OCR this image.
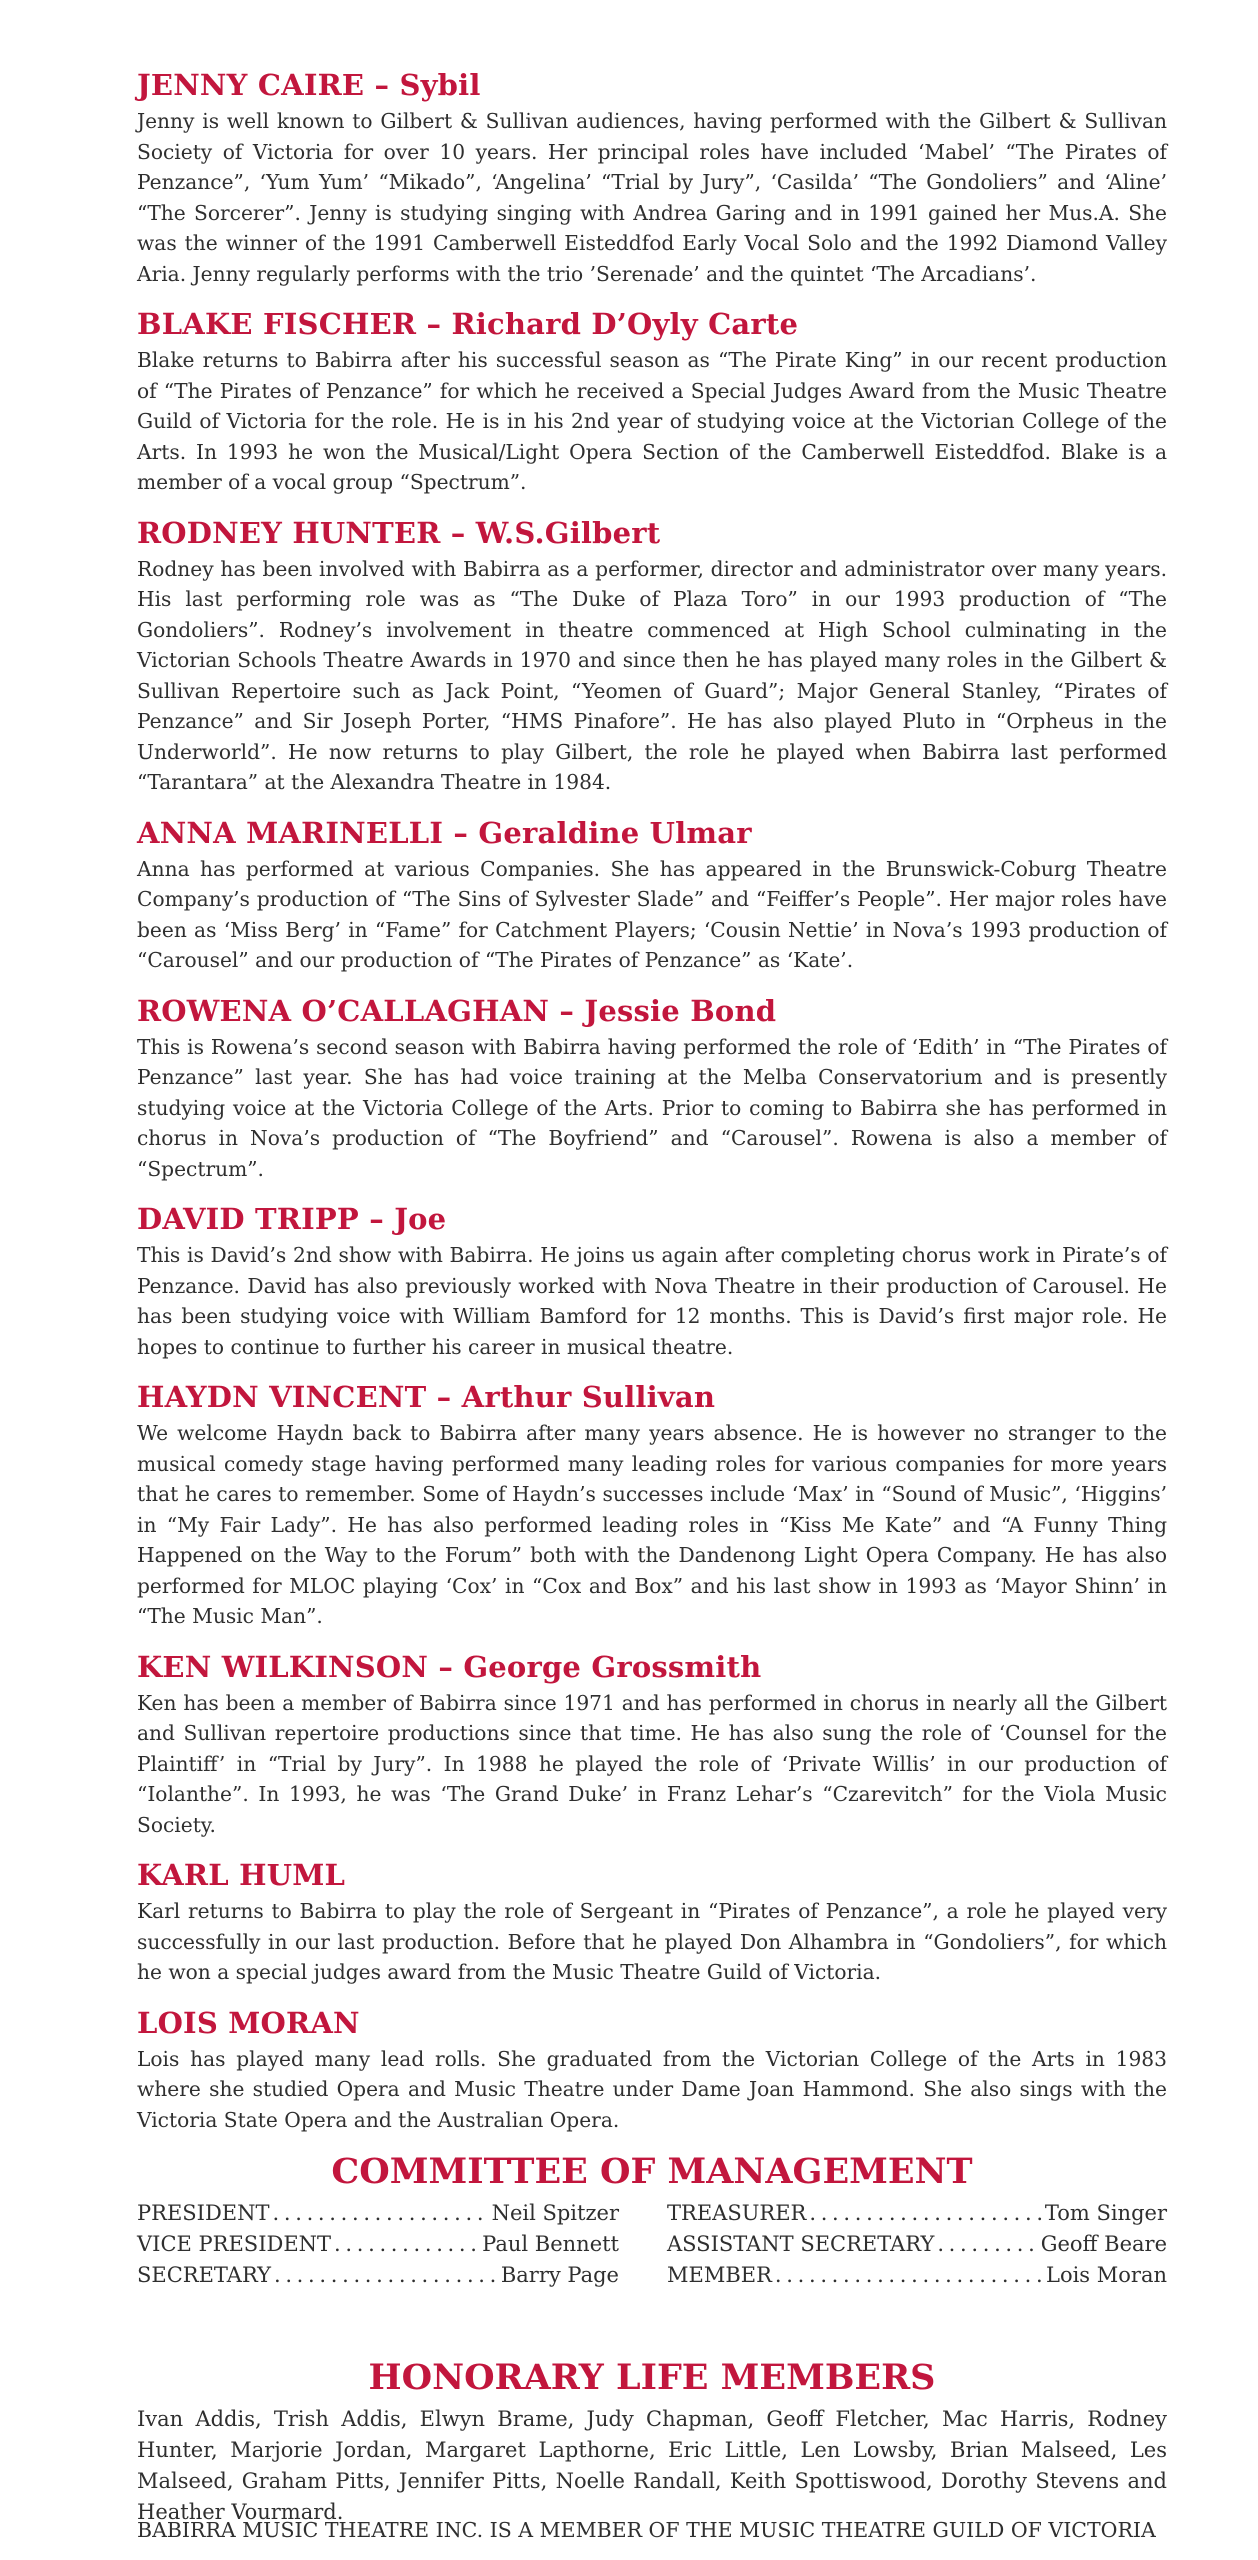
JENNY CAIRE – Sybil

Jenny is well known to Gilbert & Sullivan audiences, having performed with the Gilbert & Sullivan Society of Victoria for over 10 years. Her principal roles have included ‘Mabel’ “The Pirates of Penzance”, ‘Yum Yum’ “Mikado”, ‘Angelina’ “Trial by Jury”, ‘Casilda’ “The Gondoliers” and ‘Aline’ “The Sorcerer”. Jenny is studying singing with Andrea Garing and in 1991 gained her Mus.A. She was the winner of the 1991 Camberwell Eisteddfod Early Vocal Solo and the 1992 Diamond Valley Aria. Jenny regularly performs with the trio ’Serenade’ and the quintet ‘The Arcadians’.

BLAKE FISCHER – Richard D’Oyly Carte

Blake returns to Babirra after his successful season as “The Pirate King” in our recent production of “The Pirates of Penzance” for which he received a Special Judges Award from the Music Theatre Guild of Victoria for the role. He is in his 2nd year of studying voice at the Victorian College of the Arts. In 1993 he won the Musical/Light Opera Section of the Camberwell Eisteddfod. Blake is a member of a vocal group “Spectrum”.

RODNEY HUNTER – W.S.Gilbert

Rodney has been involved with Babirra as a performer, director and administrator over many years. His last performing role was as “The Duke of Plaza Toro” in our 1993 production of “The Gondoliers”. Rodney’s involvement in theatre commenced at High School culminating in the Victorian Schools Theatre Awards in 1970 and since then he has played many roles in the Gilbert & Sullivan Repertoire such as Jack Point, “Yeomen of Guard”; Major General Stanley, “Pirates of Penzance” and Sir Joseph Porter, “HMS Pinafore”. He has also played Pluto in “Orpheus in the Underworld”. He now returns to play Gilbert, the role he played when Babirra last performed “Tarantara” at the Alexandra Theatre in 1984.

ANNA MARINELLI – Geraldine Ulmar

Anna has performed at various Companies. She has appeared in the Brunswick-Coburg Theatre Company’s production of “The Sins of Sylvester Slade” and “Feiffer’s People”. Her major roles have been as ‘Miss Berg’ in “Fame” for Catchment Players; ‘Cousin Nettie’ in Nova’s 1993 production of “Carousel” and our production of “The Pirates of Penzance” as ‘Kate’.

ROWENA O’CALLAGHAN – Jessie Bond

This is Rowena’s second season with Babirra having performed the role of ‘Edith’ in “The Pirates of Penzance” last year. She has had voice training at the Melba Conservatorium and is presently studying voice at the Victoria College of the Arts. Prior to coming to Babirra she has performed in chorus in Nova’s production of “The Boyfriend” and “Carousel”. Rowena is also a member of “Spectrum”.

DAVID TRIPP – Joe

This is David’s 2nd show with Babirra. He joins us again after completing chorus work in Pirate’s of Penzance. David has also previously worked with Nova Theatre in their production of Carousel. He has been studying voice with William Bamford for 12 months. This is David’s first major role. He hopes to continue to further his career in musical theatre.

HAYDN VINCENT – Arthur Sullivan

We welcome Haydn back to Babirra after many years absence. He is however no stranger to the musical comedy stage having performed many leading roles for various companies for more years that he cares to remember. Some of Haydn’s successes include ‘Max’ in “Sound of Music”, ‘Higgins’ in “My Fair Lady”. He has also performed leading roles in “Kiss Me Kate” and “A Funny Thing Happened on the Way to the Forum” both with the Dandenong Light Opera Company. He has also performed for MLOC playing ‘Cox’ in “Cox and Box” and his last show in 1993 as ‘Mayor Shinn’ in “The Music Man”.

KEN WILKINSON – George Grossmith

Ken has been a member of Babirra since 1971 and has performed in chorus in nearly all the Gilbert and Sullivan repertoire productions since that time. He has also sung the role of ‘Counsel for the Plaintiff’ in “Trial by Jury”. In 1988 he played the role of ‘Private Willis’ in our production of “Iolanthe”. In 1993, he was ‘The Grand Duke’ in Franz Lehar’s “Czarevitch” for the Viola Music Society.

KARL HUML

Karl returns to Babirra to play the role of Sergeant in “Pirates of Penzance”, a role he played very successfully in our last production. Before that he played Don Alhambra in “Gondoliers”, for which he won a special judges award from the Music Theatre Guild of Victoria.

LOIS MORAN

Lois has played many lead rolls. She graduated from the Victorian College of the Arts in 1983 where she studied Opera and Music Theatre under Dame Joan Hammond. She also sings with the Victoria State Opera and the Australian Opera.

COMMITTEE OF MANAGEMENT
PRESIDENT . . .	Neil Spitzer
VICE PRESIDENT . . .	Paul Bennett
SECRETARY . . .	Barry Page
TREASURER . . .	Tom Singer
ASSISTANT SECRETARY . . .	Geoff Beare
MEMBER . . .	Lois Moran
HONORARY LIFE MEMBERS

Ivan Addis, Trish Addis, Elwyn Brame, Judy Chapman, Geoff Fletcher, Mac Harris, Rodney Hunter, Marjorie Jordan, Margaret Lapthorne, Eric Little, Len Lowsby, Brian Malseed, Les Malseed, Graham Pitts, Jennifer Pitts, Noelle Randall, Keith Spottiswood, Dorothy Stevens and Heather Vourmard.

BABIRRA MUSIC THEATRE INC. IS A MEMBER OF THE MUSIC THEATRE GUILD OF VICTORIA
